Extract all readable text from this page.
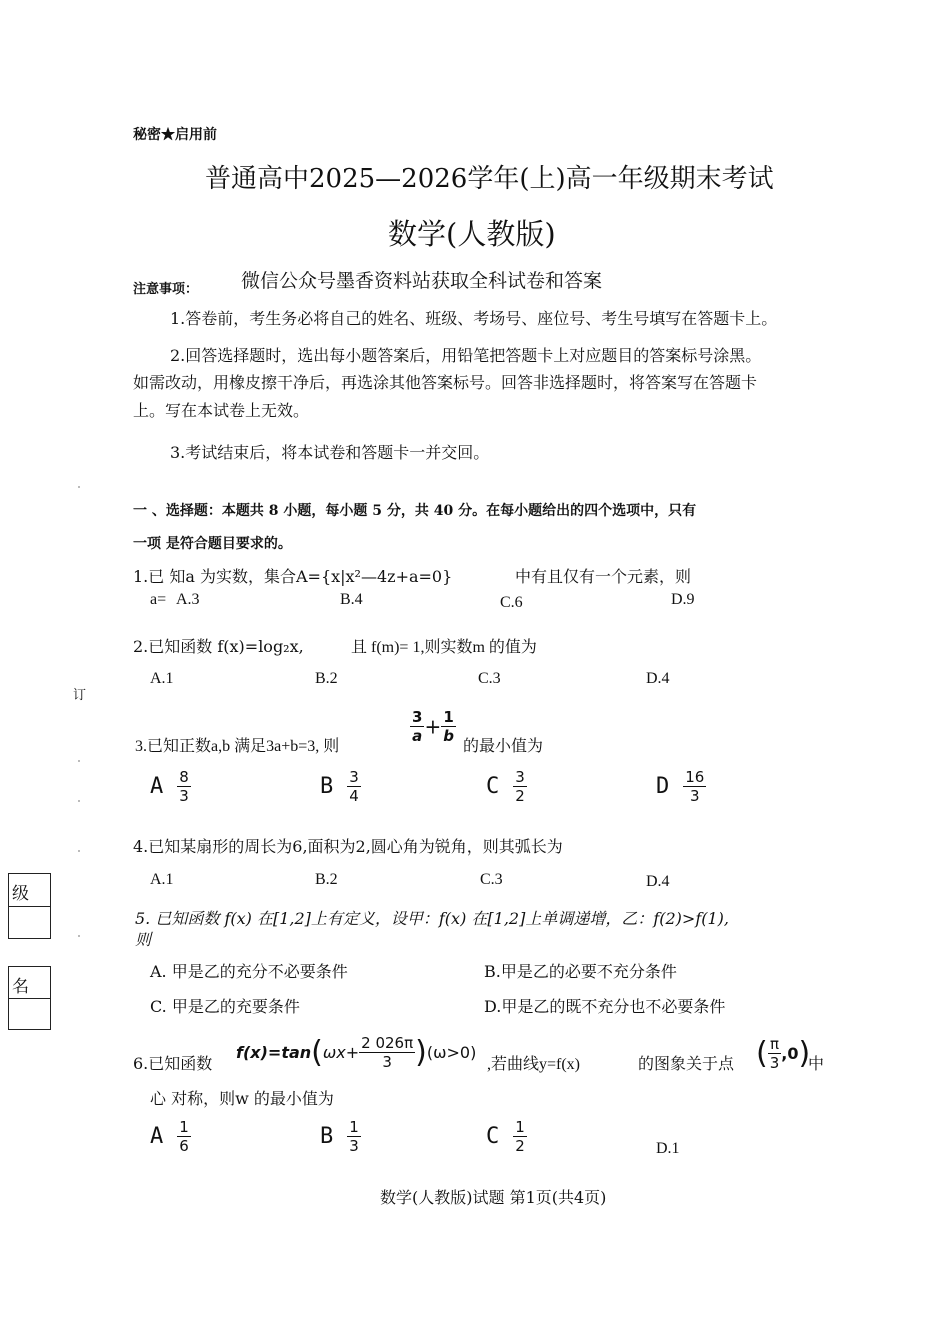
秘密★启用前
普通高中2025—2026学年(上)高一年级期末考试
数学(人教版)
注意事项： 微信公众号墨香资料站获取全科试卷和答案
1.答卷前，考生务必将自己的姓名、班级、考场号、座位号、考生号填写在答题卡上。
2.回答选择题时，选出每小题答案后，用铅笔把答题卡上对应题目的答案标号涂黑。
如需改动，用橡皮擦干净后，再选涂其他答案标号。回答非选择题时，将答案写在答题卡
上。写在本试卷上无效。
3.考试结束后，将本试卷和答题卡一并交回。
一 、选择题：本题共 8 小题，每小题 5 分，共 40 分。在每小题给出的四个选项中，只有
一项 是符合题目要求的。
订
级
名
1.已 知a 为实数，集合A={x|x²—4z+a=0}	中有且仅有一个元素，则
a= A.3	B.4	C.6	D.9
2.已知函数 f(x)=log₂x,	且 f(m)= 1,则实数m 的值为
A.1	B.2	C.3	D.4
3.已知正数a,b 满足3a+b=3, 则
$\frac{3}{a} + \frac{1}{b}$
的最小值为
A $\frac{8}{3}$	B $\frac{3}{4}$	C $\frac{3}{2}$	D $\frac{16}{3}$
4.已知某扇形的周长为6,面积为2,圆心角为锐角，则其弧长为
A.1	B.2	C.3	D.4
5. 已知函数 f(x) 在[1,2]上有定义，设甲：f(x) 在[1,2]上单调递增，乙：f(2)>f(1),
则
A. 甲是乙的充分不必要条件	B.甲是乙的必要不充分条件
C. 甲是乙的充要条件	D.甲是乙的既不充分也不必要条件
6.已知函数
$f(x)=\tan(\omega x+ \frac{2 026\pi}{3} )(\omega>0)$
,若曲线y=f(x)	的图象关于点 ( $\frac{\pi}{3} ,0$)
中
心 对称，则w 的最小值为
A $\frac{1}{6}$	B $\frac{1}{3}$	C $\frac{1}{2}$	D.1
数学(人教版)试题 第1页(共4页)
